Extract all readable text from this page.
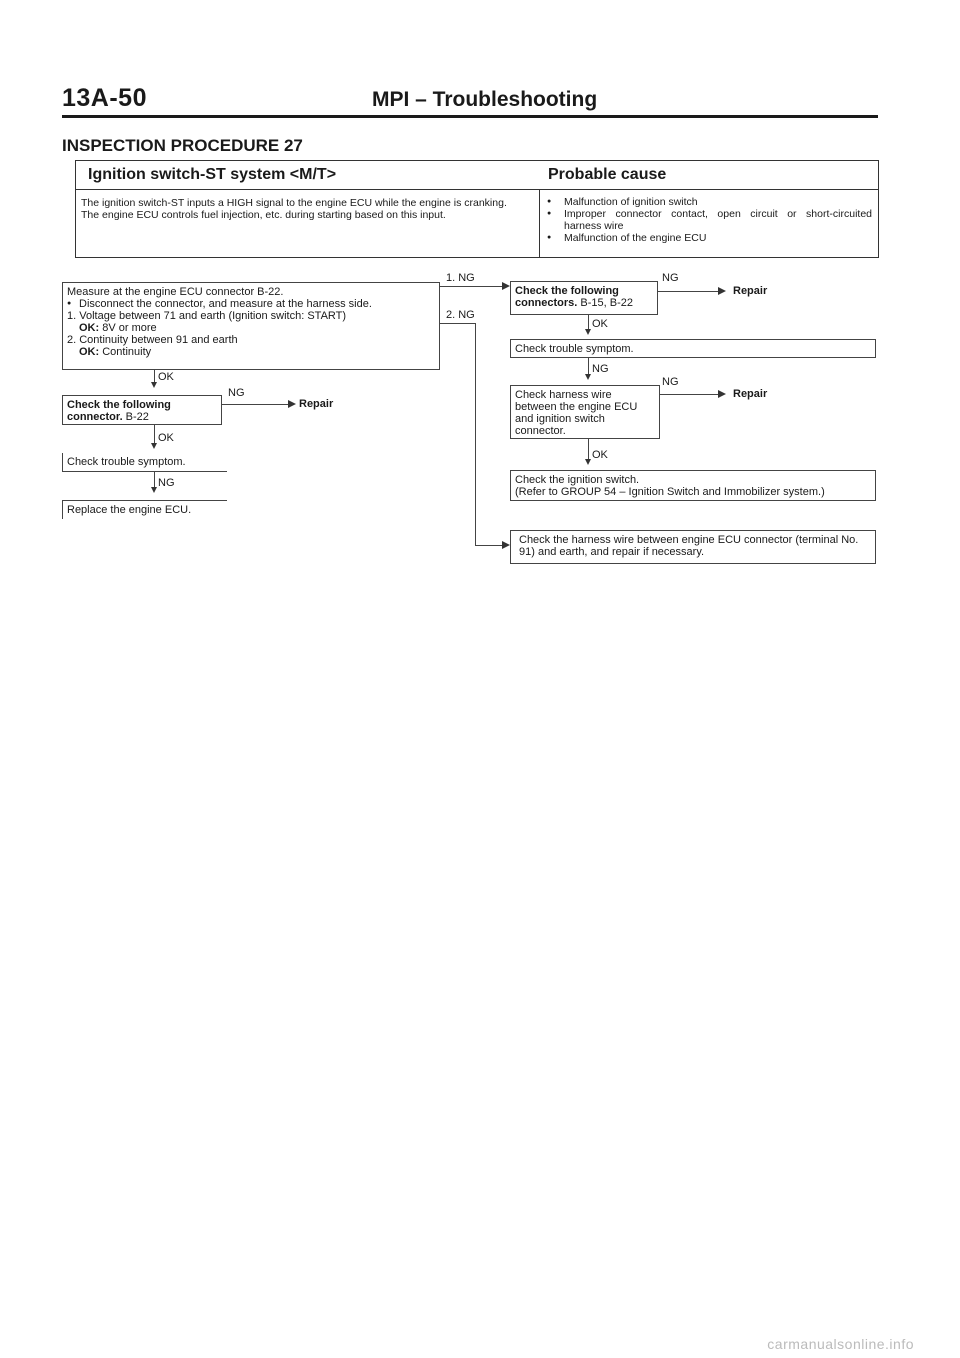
13A-50	MPI – Troubleshooting
INSPECTION PROCEDURE 27
Ignition switch-ST system <M/T>	Probable cause
The ignition switch-ST inputs a HIGH signal to the engine ECU while the engine is cranking.
The engine ECU controls fuel injection, etc. during starting based on this input.
● Malfunction of ignition switch
● Improper connector contact, open circuit or short-circuited harness wire
● Malfunction of the engine ECU
Measure at the engine ECU connector B-22.
● Disconnect the connector, and measure at the harness side.
1. Voltage between 71 and earth (Ignition switch: START)
OK: 8V or more
2. Continuity between 91 and earth
OK: Continuity
1. NG
2. NG
OK
Check the following connector. B-22
NG
Repair
OK
Check trouble symptom.
NG
Replace the engine ECU.
Check the following connectors. B-15, B-22
NG
Repair
OK
Check trouble symptom.
NG
Check harness wire between the engine ECU and ignition switch connector.
NG
Repair
OK
Check the ignition switch.
(Refer to GROUP 54 – Ignition Switch and Immobilizer system.)
Check the harness wire between engine ECU connector (terminal No. 91) and earth, and repair if necessary.
carmanualsonline.info
